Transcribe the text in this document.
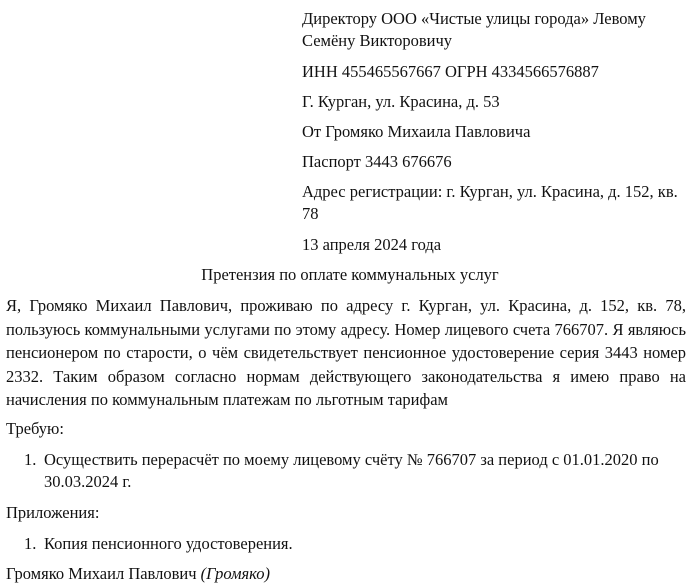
Директору ООО «Чистые улицы города» Левому Семёну Викторовичу
ИНН 455465567667 ОГРН 4334566576887
Г. Курган, ул. Красина, д. 53
От Громяко Михаила Павловича
Паспорт 3443 676676
Адрес регистрации: г. Курган, ул. Красина, д. 152, кв. 78
13 апреля 2024 года
Претензия по оплате коммунальных услуг
Я, Громяко Михаил Павлович, проживаю по адресу г. Курган, ул. Красина, д. 152, кв. 78, пользуюсь коммунальными услугами по этому адресу. Номер лицевого счета 766707. Я являюсь пенсионером по старости, о чём свидетельствует пенсионное удостоверение серия 3443 номер 2332. Таким образом согласно нормам действующего законодательства я имею право на начисления по коммунальным платежам по льготным тарифам
Требую:
1. Осуществить перерасчёт по моему лицевому счёту № 766707 за период с 01.01.2020 по 30.03.2024 г.
Приложения:
1. Копия пенсионного удостоверения.
Громяко Михаил Павлович (Громяко)
